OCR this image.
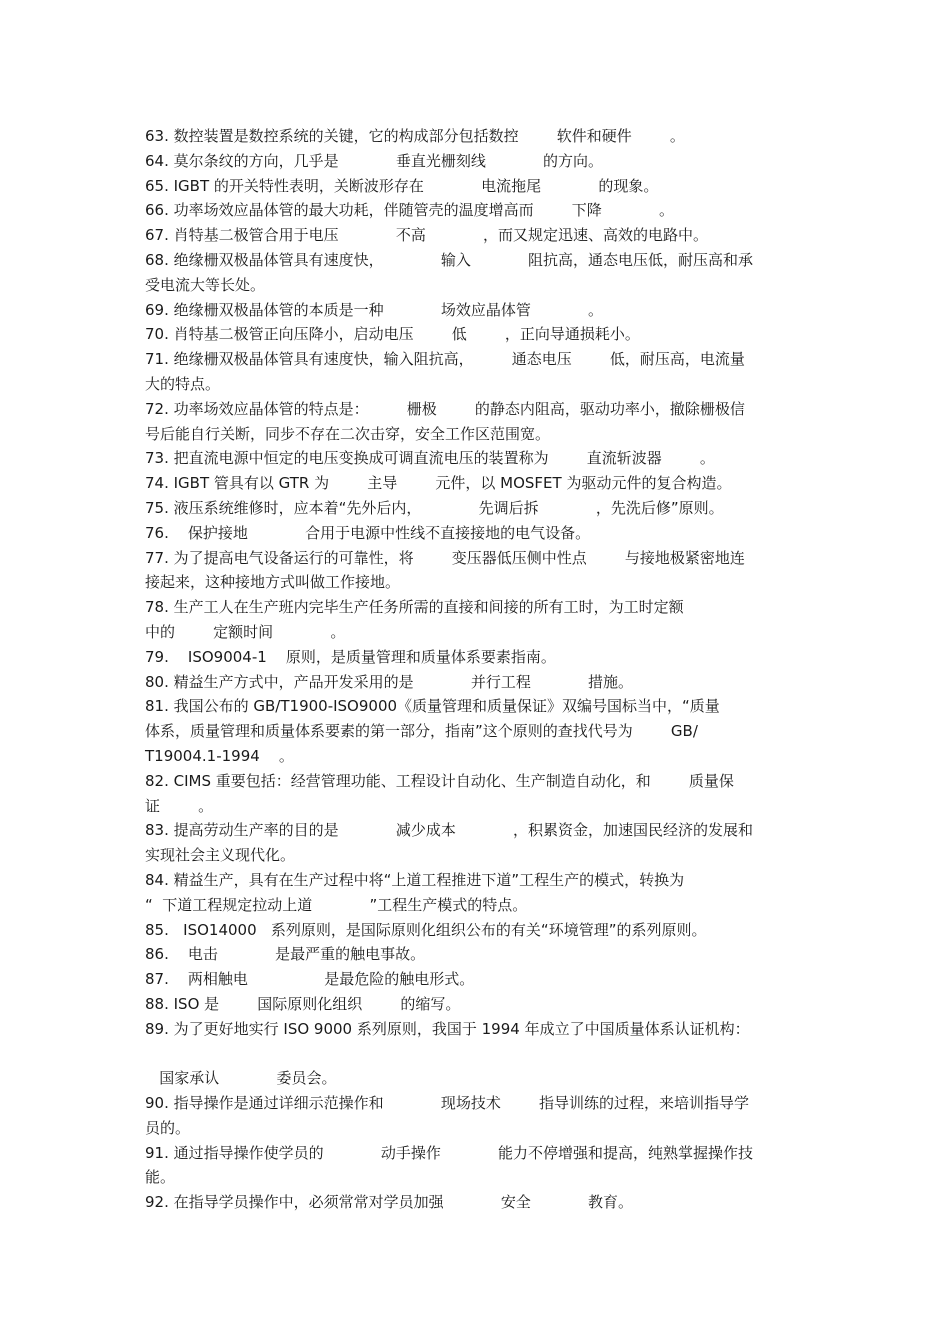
63. 数控装置是数控系统的关键，它的构成部分包括数控        软件和硬件        。
64. 莫尔条纹的方向，几乎是            垂直光栅刻线            的方向。
65. IGBT 的开关特性表明，关断波形存在            电流拖尾            的现象。
66. 功率场效应晶体管的最大功耗，伴随管壳的温度增高而        下降            。
67. 肖特基二极管合用于电压            不高            ，而又规定迅速、高效的电路中。
68. 绝缘栅双极晶体管具有速度快，            输入            阻抗高，通态电压低，耐压高和承
受电流大等长处。
69. 绝缘栅双极晶体管的本质是一种            场效应晶体管            。
70. 肖特基二极管正向压降小，启动电压        低        ，正向导通损耗小。
71. 绝缘栅双极晶体管具有速度快，输入阻抗高，        通态电压        低，耐压高，电流量
大的特点。
72. 功率场效应晶体管的特点是：        栅极        的静态内阻高，驱动功率小，撤除栅极信
号后能自行关断，同步不存在二次击穿，安全工作区范围宽。
73. 把直流电源中恒定的电压变换成可调直流电压的装置称为        直流斩波器        。
74. IGBT 管具有以 GTR 为        主导        元件，以 MOSFET 为驱动元件的复合构造。
75. 液压系统维修时，应本着“先外后内，            先调后拆            ，先洗后修”原则。
76.    保护接地            合用于电源中性线不直接接地的电气设备。
77. 为了提高电气设备运行的可靠性，将        变压器低压侧中性点        与接地极紧密地连
接起来，这种接地方式叫做工作接地。
78. 生产工人在生产班内完毕生产任务所需的直接和间接的所有工时，为工时定额
中的        定额时间            。
79.    ISO9004-1    原则，是质量管理和质量体系要素指南。
80. 精益生产方式中，产品开发采用的是            并行工程            措施。
81. 我国公布的 GB/T1900-ISO9000《质量管理和质量保证》双编号国标当中，“质量
体系，质量管理和质量体系要素的第一部分，指南”这个原则的查找代号为        GB/
T19004.1-1994    。
82. CIMS 重要包括：经营管理功能、工程设计自动化、生产制造自动化，和        质量保
证        。
83. 提高劳动生产率的目的是            减少成本            ，积累资金，加速国民经济的发展和
实现社会主义现代化。
84. 精益生产，具有在生产过程中将“上道工程推进下道”工程生产的模式，转换为
“  下道工程规定拉动上道            ”工程生产模式的特点。
85.   ISO14000   系列原则，是国际原则化组织公布的有关“环境管理”的系列原则。
86.    电击            是最严重的触电事故。
87.    两相触电                是最危险的触电形式。
88. ISO 是        国际原则化组织        的缩写。
89. 为了更好地实行 ISO 9000 系列原则，我国于 1994 年成立了中国质量体系认证机构：
国家承认            委员会。
90. 指导操作是通过详细示范操作和            现场技术        指导训练的过程，来培训指导学
员的。
91. 通过指导操作使学员的            动手操作            能力不停增强和提高，纯熟掌握操作技
能。
92. 在指导学员操作中，必须常常对学员加强            安全            教育。
